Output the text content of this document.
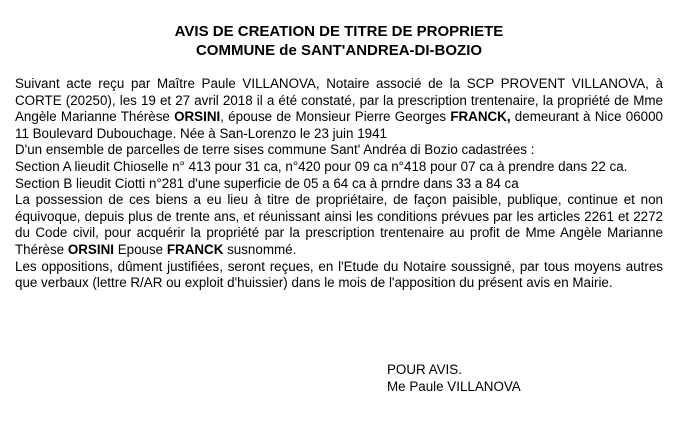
AVIS DE CREATION DE TITRE DE PROPRIETE
COMMUNE de SANT'ANDREA-DI-BOZIO

Suivant acte reçu par Maître Paule VILLANOVA, Notaire associé de la SCP PROVENT VILLANOVA, à CORTE (20250), les 19 et 27 avril 2018 il a été constaté, par la prescription trentenaire, la propriété de Mme Angèle Marianne Thérèse ORSINI, épouse de Monsieur Pierre Georges FRANCK, demeurant à Nice 06000 11 Boulevard Dubouchage. Née à San-Lorenzo le 23 juin 1941

D'un ensemble de parcelles de terre sises commune Sant' Andréa di Bozio cadastrées :

Section A lieudit Chioselle n° 413 pour 31 ca, n°420 pour 09 ca n°418 pour 07 ca à prendre dans 22 ca.

Section B lieudit Ciotti n°281 d'une superficie de 05 a 64 ca à prndre dans 33 a 84 ca

La possession de ces biens a eu lieu à titre de propriétaire, de façon paisible, publique, continue et non équivoque, depuis plus de trente ans, et réunissant ainsi les conditions prévues par les articles 2261 et 2272 du Code civil, pour acquérir la propriété par la prescription trentenaire au profit de Mme Angèle Marianne Thérèse ORSINI Epouse FRANCK susnommé.

Les oppositions, dûment justifiées, seront reçues, en l'Etude du Notaire soussigné, par tous moyens autres que verbaux (lettre R/AR ou exploit d'huissier) dans le mois de l'apposition du présent avis en Mairie.

POUR AVIS.
Me Paule VILLANOVA
